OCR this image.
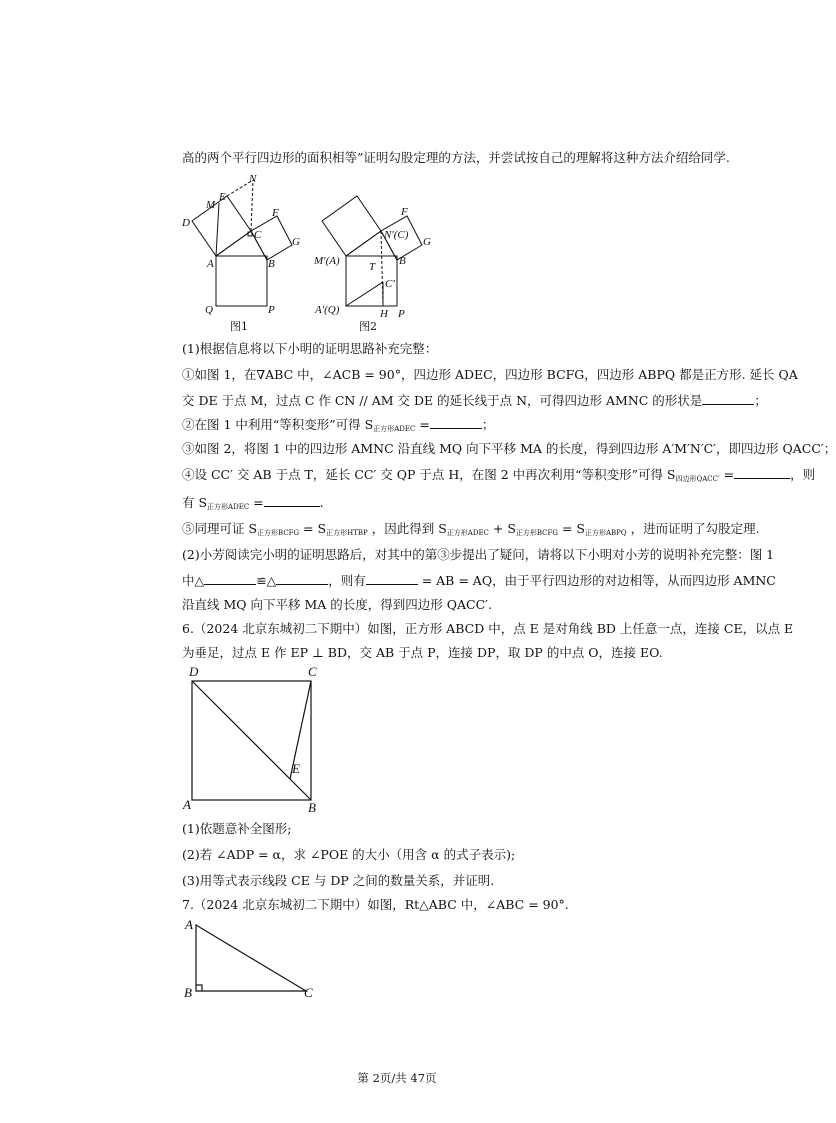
高的两个平行四边形的面积相等”证明勾股定理的方法，并尝试按自己的理解将这种方法介绍给同学.
D
M
E
N
F
C
G
A	B
Q	P
图1
F
N′(C)
G
M′(A)	T B
C′
A′(Q)	H P
图2
(1)根据信息将以下小明的证明思路补充完整：
①如图 1，在∇ABC 中，∠ACB = 90°，四边形 ADEC，四边形 BCFG，四边形 ABPQ 都是正方形. 延长 QA
交 DE 于点 M，过点 C 作 CN // AM 交 DE 的延长线于点 N，可得四边形 AMNC 的形状是	；
②在图 1 中利用“等积变形”可得 $S_{正方形ADEC}$ =	；
③如图 2，将图 1 中的四边形 AMNC 沿直线 MQ 向下平移 MA 的长度，得到四边形 A′M′N′C′，即四边形 QACC′；
④设 CC′ 交 AB 于点 T，延长 CC′ 交 QP 于点 H，在图 2 中再次利用“等积变形”可得 $S_{四边形QACC'}$ =	，则
有 $S_{正方形ADEC}$ =	.
⑤同理可证 $S_{正方形BCFG} = S_{正方形HTBP}$ ，因此得到 $S_{正方形ADEC} + S_{正方形BCFG} = S_{正方形ABPQ}$ ，进而证明了勾股定理.
(2)小芳阅读完小明的证明思路后，对其中的第③步提出了疑问，请将以下小明对小芳的说明补充完整：图 1
中△	≌△	，则有	= AB = AQ，由于平行四边形的对边相等，从而四边形 AMNC
沿直线 MQ 向下平移 MA 的长度，得到四边形 QACC′.
6.（2024 北京东城初二下期中）如图，正方形 ABCD 中，点 E 是对角线 BD 上任意一点，连接 CE，以点 E
为垂足，过点 E 作 EP ⊥ BD，交 AB 于点 P，连接 DP，取 DP 的中点 O，连接 EO.
D	C
E
A	B
(1)依题意补全图形;
(2)若 ∠ADP = α，求 ∠POE 的大小（用含 α 的式子表示);
(3)用等式表示线段 CE 与 DP 之间的数量关系，并证明.
7.（2024 北京东城初二下期中）如图，Rt△ABC 中，∠ABC = 90°.
A
B	C
第 2页/共 47页
